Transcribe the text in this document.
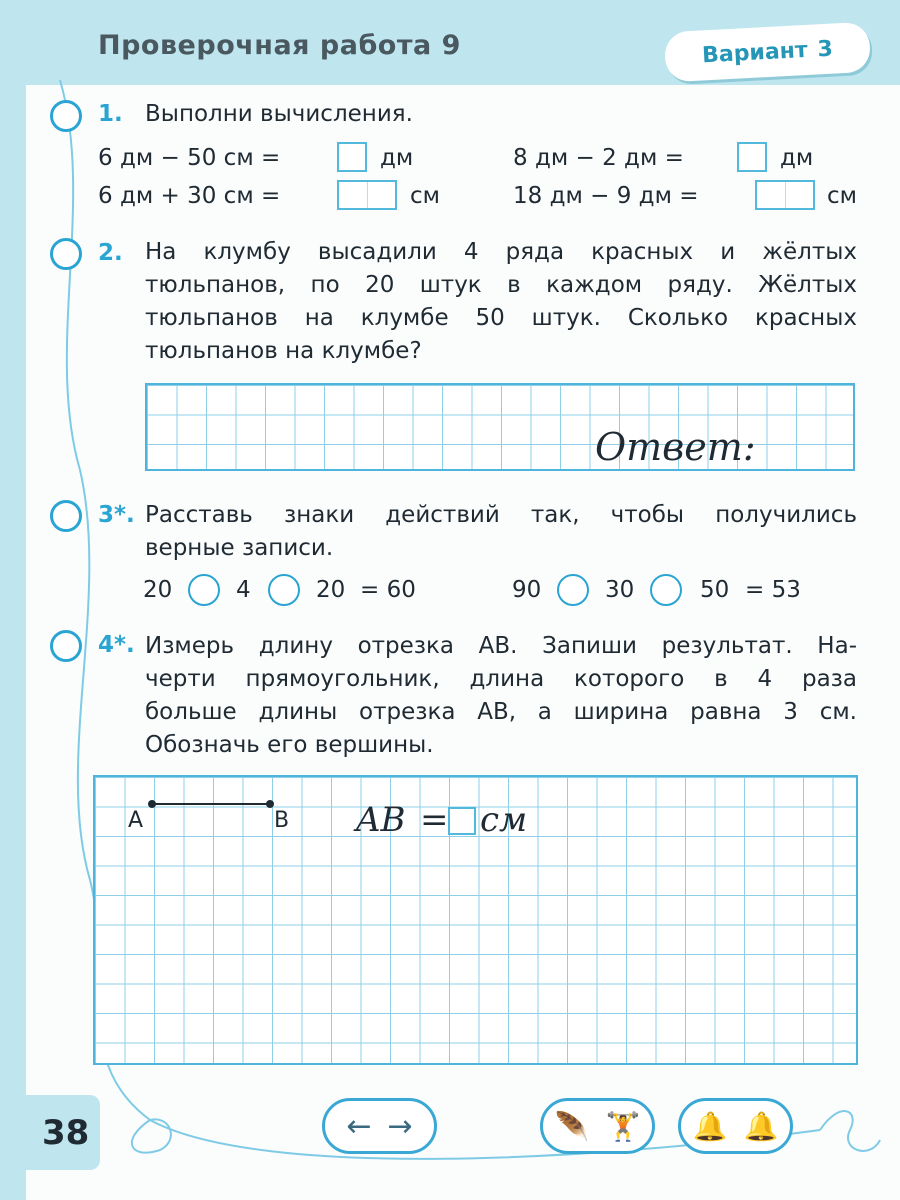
Проверочная работа 9	Вариант 3
38
1. Выполни вычисления.
6 дм − 50 см =	дм	8 дм − 2 дм =	дм
6 дм + 30 см =	см	18 дм − 9 дм =	см
2. На клумбу высадили 4 ряда красных и жёлтых
тюльпанов, по 20 штук в каждом ряду. Жёлтых
тюльпанов на клумбе 50 штук. Сколько красных
тюльпанов на клумбе?
Ответ:
3*. Расставь знаки действий так, чтобы получились
верные записи.
20	4	20 = 60	90	30	50 = 53
4*. Измерь длину отрезка AB. Запиши результат. На-
черти прямоугольник, длина которого в 4 раза
больше длины отрезка AB, а ширина равна 3 см.
Обозначь его вершины.
A	B AB = см
← →	🪶 🏋 🔔 🔔
